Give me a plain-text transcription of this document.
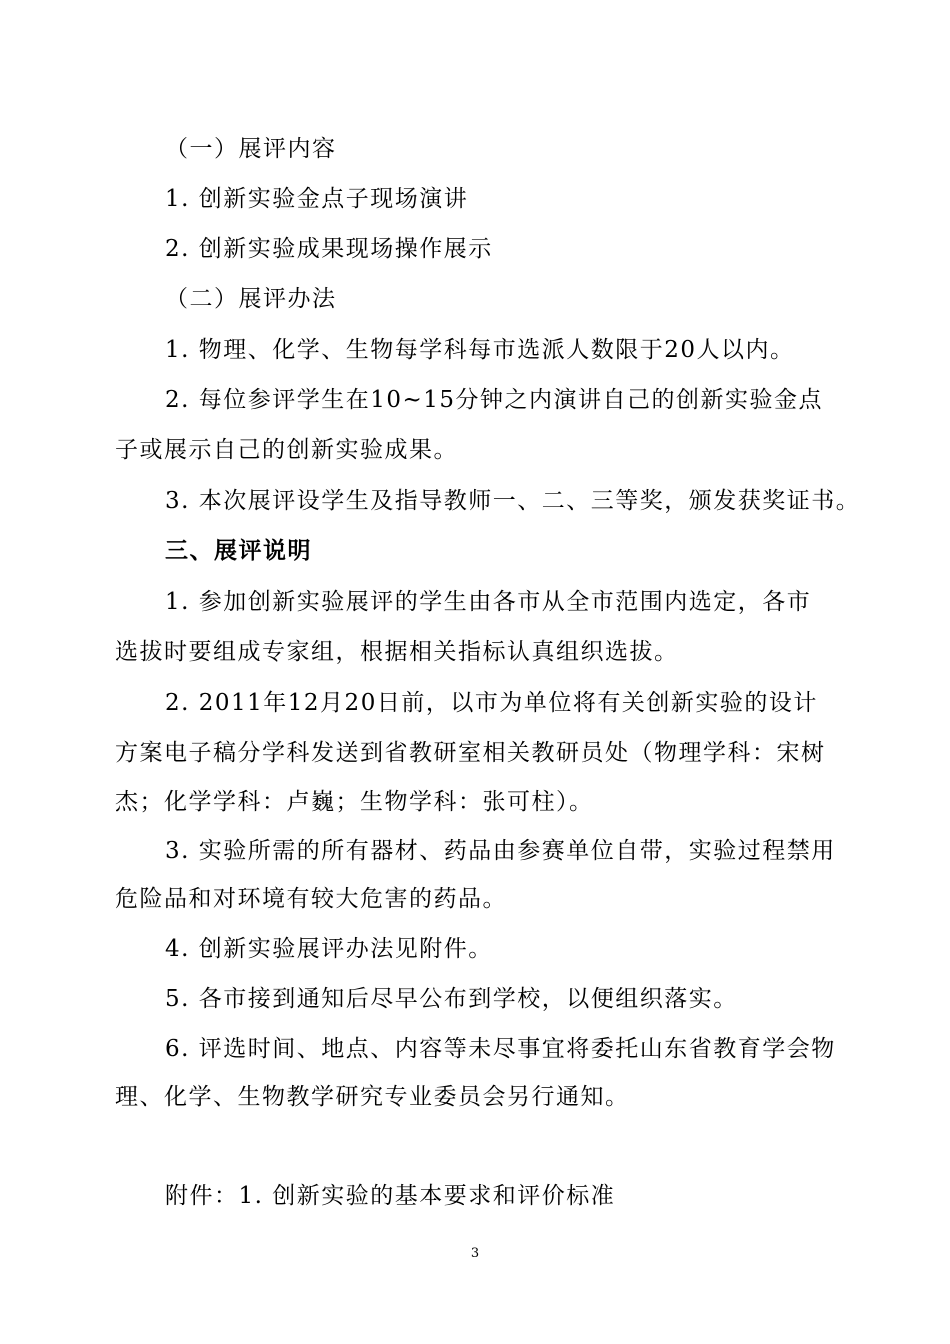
（一）展评内容
1. 创新实验金点子现场演讲
2. 创新实验成果现场操作展示
（二）展评办法
1. 物理、化学、生物每学科每市选派人数限于20人以内。
2. 每位参评学生在10~15分钟之内演讲自己的创新实验金点
子或展示自己的创新实验成果。
3. 本次展评设学生及指导教师一、二、三等奖，颁发获奖证书。
三、展评说明
1. 参加创新实验展评的学生由各市从全市范围内选定，各市
选拔时要组成专家组，根据相关指标认真组织选拔。
2. 2011年12月20日前，以市为单位将有关创新实验的设计
方案电子稿分学科发送到省教研室相关教研员处（物理学科：宋树
杰；化学学科：卢巍；生物学科：张可柱）。
3. 实验所需的所有器材、药品由参赛单位自带，实验过程禁用
危险品和对环境有较大危害的药品。
4. 创新实验展评办法见附件。
5. 各市接到通知后尽早公布到学校，以便组织落实。
6. 评选时间、地点、内容等未尽事宜将委托山东省教育学会物
理、化学、生物教学研究专业委员会另行通知。
附件：1. 创新实验的基本要求和评价标准
3
